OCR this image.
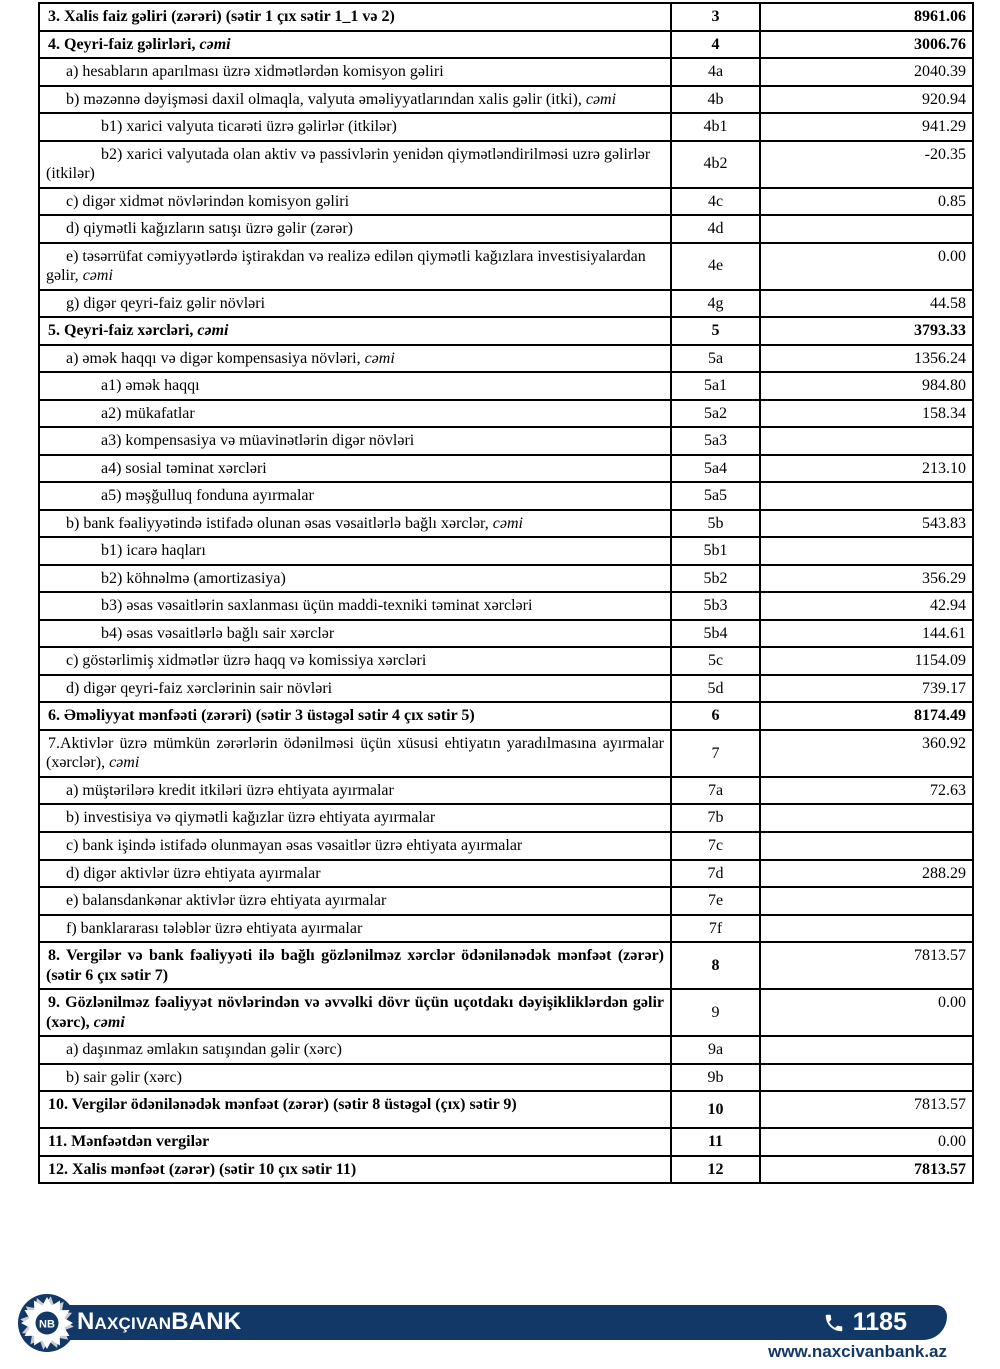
3. Xalis faiz gəliri (zərəri) (sətir 1 çıx sətir 1_1 və 2)	3	8961.06
4. Qeyri-faiz gəlirləri, cəmi	4	3006.76
a) hesabların aparılması üzrə xidmətlərdən komisyon gəliri	4a	2040.39
b) məzənnə dəyişməsi daxil olmaqla, valyuta əməliyyatlarından xalis gəlir (itki), cəmi	4b	920.94
b1) xarici valyuta ticarəti üzrə gəlirlər (itkilər)	4b1	941.29
b2) xarici valyutada olan aktiv və passivlərin yenidən qiymətləndirilməsi uzrə gəlirlər (itkilər)	4b2	-20.35
c) digər xidmət növlərindən komisyon gəliri	4c	0.85
d) qiymətli kağızların satışı üzrə gəlir (zərər)	4d	
e) təsərrüfat cəmiyyətlərdə iştirakdan və realizə edilən qiymətli kağızlara investisiyalardan gəlir, cəmi	4e	0.00
g) digər qeyri-faiz gəlir növləri	4g	44.58
5. Qeyri-faiz xərcləri, cəmi	5	3793.33
a) əmək haqqı və digər kompensasiya növləri, cəmi	5a	1356.24
a1) əmək haqqı	5a1	984.80
a2) mükafatlar	5a2	158.34
a3) kompensasiya və müavinətlərin digər növləri	5a3	
a4) sosial təminat xərcləri	5a4	213.10
a5) məşğulluq fonduna ayırmalar	5a5	
b) bank fəaliyyətində istifadə olunan əsas vəsaitlərlə bağlı xərclər, cəmi	5b	543.83
b1) icarə haqları	5b1	
b2) köhnəlmə (amortizasiya)	5b2	356.29
b3) əsas vəsaitlərin saxlanması üçün maddi-texniki təminat xərcləri	5b3	42.94
b4) əsas vəsaitlərlə bağlı sair xərclər	5b4	144.61
c) göstərlimiş xidmətlər üzrə haqq və komissiya xərcləri	5c	1154.09
d) digər qeyri-faiz xərclərinin sair növləri	5d	739.17
6. Əməliyyat mənfəəti (zərəri) (sətir 3 üstəgəl sətir 4 çıx sətir 5)	6	8174.49
7.Aktivlər üzrə mümkün zərərlərin ödənilməsi üçün xüsusi ehtiyatın yaradılmasına ayırmalar (xərclər), cəmi	7	360.92
a) müştərilərə kredit itkiləri üzrə ehtiyata ayırmalar	7a	72.63
b) investisiya və qiymətli kağızlar üzrə ehtiyata ayırmalar	7b	
c) bank işində istifadə olunmayan əsas vəsaitlər üzrə ehtiyata ayırmalar	7c	
d) digər aktivlər üzrə ehtiyata ayırmalar	7d	288.29
e) balansdankənar aktivlər üzrə ehtiyata ayırmalar	7e	
f) banklararası tələblər üzrə ehtiyata ayırmalar	7f	
8. Vergilər və bank fəaliyyəti ilə bağlı gözlənilməz xərclər ödənilənədək mənfəət (zərər) (sətir 6 çıx sətir 7)	8	7813.57
9. Gözlənilməz fəaliyyət növlərindən və əvvəlki dövr üçün uçotdakı dəyişikliklərdən gəlir (xərc), cəmi	9	0.00
a) daşınmaz əmlakın satışından gəlir (xərc)	9a	
b) sair gəlir (xərc)	9b	
10. Vergilər ödənilənədək mənfəət (zərər) (sətir 8 üstəgəl (çıx) sətir 9)	10	7813.57
11. Mənfəətdən vergilər	11	0.00
12. Xalis mənfəət (zərər) (sətir 10 çıx sətir 11)	12	7813.57
NaxçıvanBANK	1185
NB
www.naxcivanbank.az
